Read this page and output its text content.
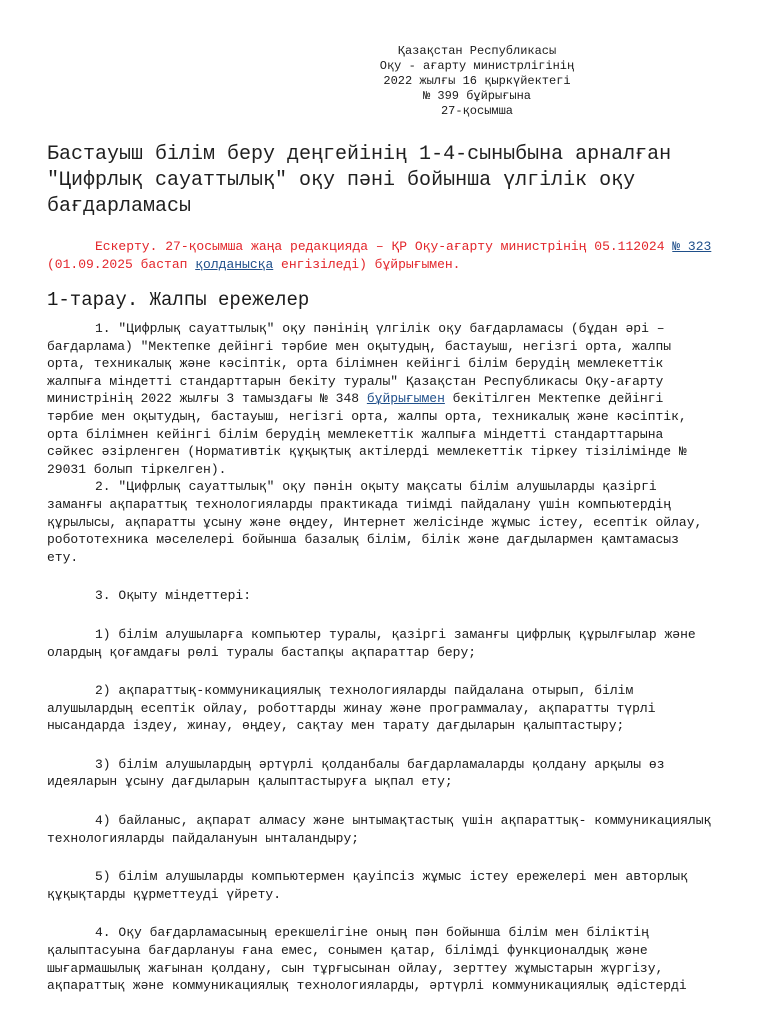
Қазақстан Республикасы
Оқу - ағарту министрлігінің
2022 жылғы 16 қыркүйектегі
№ 399 бұйрығына
27-қосымша
Бастауыш білім беру деңгейінің 1-4-сыныбына арналған "Цифрлық сауаттылық" оқу пәні бойынша үлгілік оқу бағдарламасы
Ескерту. 27-қосымша жаңа редакцияда – ҚР Оқу-ағарту министрінің 05.112024 № 323 (01.09.2025 бастап қолданысқа енгізіледі) бұйрығымен.
1-тарау. Жалпы ережелер

1. "Цифрлық сауаттылық" оқу пәнінің үлгілік оқу бағдарламасы (бұдан әрі – бағдарлама) "Мектепке дейінгі тәрбие мен оқытудың, бастауыш, негізгі орта, жалпы орта, техникалық және кәсіптік, орта білімнен кейінгі білім берудің мемлекеттік жалпыға міндетті стандарттарын бекіту туралы" Қазақстан Республикасы Оқу-ағарту министрінің 2022 жылғы 3 тамыздағы № 348 бұйрығымен бекітілген Мектепке дейінгі тәрбие мен оқытудың, бастауыш, негізгі орта, жалпы орта, техникалық және кәсіптік, орта білімнен кейінгі білім берудің мемлекеттік жалпыға міндетті стандарттарына сәйкес әзірленген (Нормативтік құқықтық актілерді мемлекеттік тіркеу тізілімінде № 29031 болып тіркелген).

2. "Цифрлық сауаттылық" оқу пәнін оқыту мақсаты білім алушыларды қазіргі заманғы ақпараттық технологияларды практикада тиімді пайдалану үшін компьютердің құрылысы, ақпаратты ұсыну және өңдеу, Интернет желісінде жұмыс істеу, есептік ойлау, робототехника мәселелері бойынша базалық білім, білік және дағдылармен қамтамасыз ету.

3. Оқыту міндеттері:

1) білім алушыларға компьютер туралы, қазіргі заманғы цифрлық құрылғылар және олардың қоғамдағы рөлі туралы бастапқы ақпараттар беру;

2) ақпараттық-коммуникациялық технологияларды пайдалана отырып, білім алушылардың есептік ойлау, роботтарды жинау және программалау, ақпаратты түрлі нысандарда іздеу, жинау, өңдеу, сақтау мен тарату дағдыларын қалыптастыру;

3) білім алушылардың әртүрлі қолданбалы бағдарламаларды қолдану арқылы өз идеяларын ұсыну дағдыларын қалыптастыруға ықпал ету;

4) байланыс, ақпарат алмасу және ынтымақтастық үшін ақпараттық- коммуникациялық технологияларды пайдалануын ынталандыру;

5) білім алушыларды компьютермен қауіпсіз жұмыс істеу ережелері мен авторлық құқықтарды құрметтеуді үйрету.

4. Оқу бағдарламасының ерекшелігіне оның пән бойынша білім мен біліктің қалыптасуына бағдарлануы ғана емес, сонымен қатар, білімді функционалдық және шығармашылық жағынан қолдану, сын тұрғысынан ойлау, зерттеу жұмыстарын жүргізу, ақпараттық және коммуникациялық технологияларды, әртүрлі коммуникациялық әдістерді
